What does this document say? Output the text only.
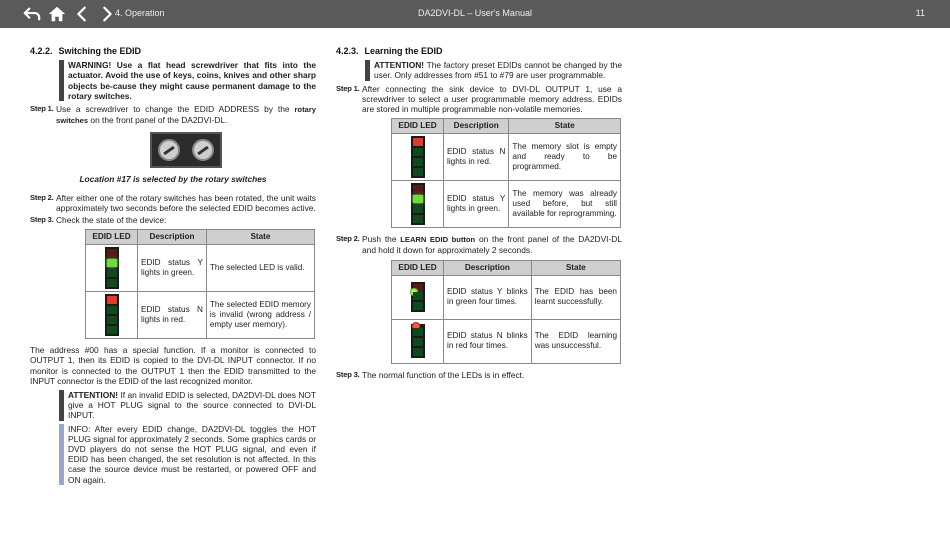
4. Operation	DA2DVI-DL – User's Manual	11
4.2.2. Switching the EDID
WARNING! Use a flat head screwdriver that fits into the actuator. Avoid the use of keys, coins, knives and other sharp objects be-cause they might cause permanent damage to the rotary switches.
Step 1. Use a screwdriver to change the EDID ADDRESS by the rotary switches on the front panel of the DA2DVI-DL.
Location #17 is selected by the rotary switches
Step 2. After either one of the rotary switches has been rotated, the unit waits approximately two seconds before the selected EDID becomes active.
Step 3. Check the state of the device:
EDID LED	Description	State

	EDID status Y lights in green.	The selected LED is valid.

	EDID status N lights in red.	The selected EDID memory is invalid (wrong address / empty user memory).
The address #00 has a special function. If a monitor is connected to OUTPUT 1, then its EDID is copied to the DVI-DL INPUT connector. If no monitor is connected to the OUTPUT 1 then the EDID transmitted to the INPUT connector is the EDID of the last recognized monitor.
ATTENTION! If an invalid EDID is selected, DA2DVI-DL does NOT give a HOT PLUG signal to the source connected to DVI-DL INPUT.
INFO: After every EDID change, DA2DVI-DL toggles the HOT PLUG signal for approximately 2 seconds. Some graphics cards or DVD players do not sense the HOT PLUG signal, and even if EDID has been changed, the set resolution is not affected. In this case the source device must be restarted, or powered OFF and ON again.
4.2.3. Learning the EDID
ATTENTION! The factory preset EDIDs cannot be changed by the user. Only addresses from #51 to #79 are user programmable.
Step 1. After connecting the sink device to DVI-DL OUTPUT 1, use a screwdriver to select a user programmable memory address. EDIDs are stored in multiple programmable non-volatile memories.
EDID LED	Description	State

	EDID status N lights in red.	The memory slot is empty and ready to be programmed.

	EDID status Y lights in green.	The memory was already used before, but still available for reprogramming.
Step 2. Push the LEARN EDID button on the front panel of the DA2DVI-DL and hold it down for approximately 2 seconds.
EDID LED	Description	State

	EDID status Y blinks in green four times.	The EDID has been learnt successfully.

	EDID status N blinks in red four times.	The EDID learning was unsuccessful.
Step 3. The normal function of the LEDs is in effect.
